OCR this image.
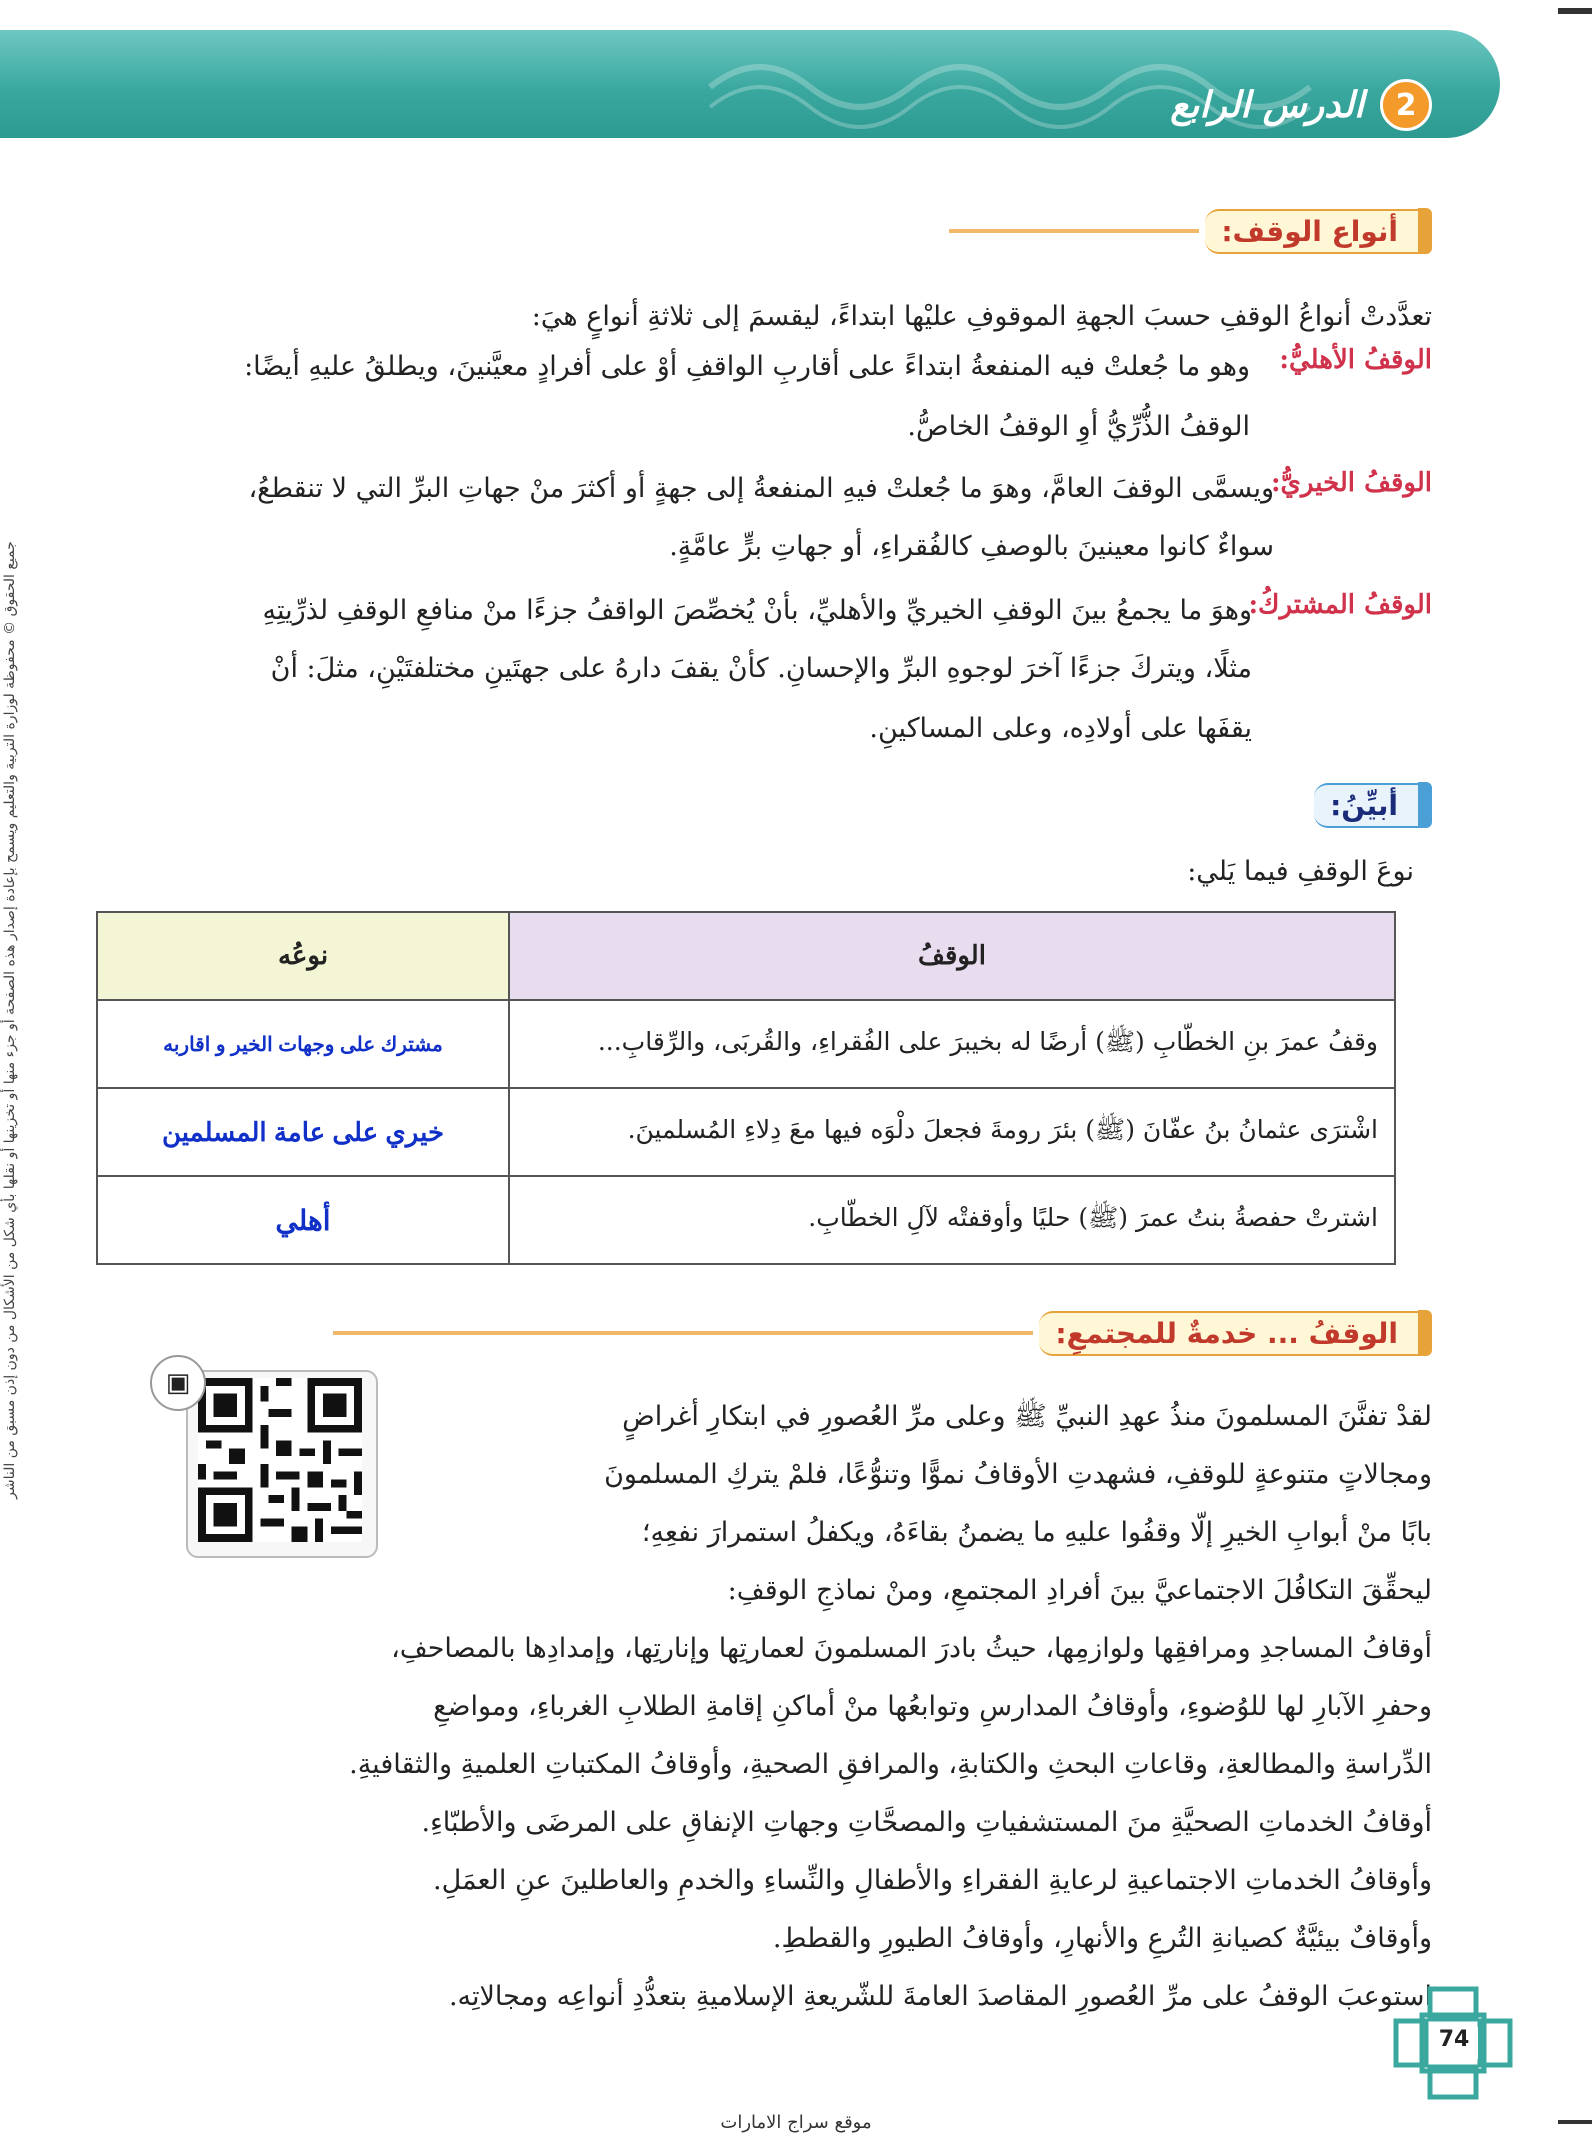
2
الدرس الرابع
أنواع الوقف:
تعدَّدتْ أنواعُ الوقفِ حسبَ الجهةِ الموقوفِ عليْها ابتداءً، ليقسمَ إلى ثلاثةِ أنواعٍ هيَ:
الوقفُ الأهليُّ:
وهو ما جُعلتْ فيه المنفعةُ ابتداءً على أقاربِ الواقفِ أوْ على أفرادٍ معيَّنينَ، ويطلقُ عليهِ أيضًا:
الوقفُ الذُّرِّيُّ أوِ الوقفُ الخاصُّ.
الوقفُ الخيريُّ:
ويسمَّى الوقفَ العامَّ، وهوَ ما جُعلتْ فيهِ المنفعةُ إلى جهةٍ أو أكثرَ منْ جهاتِ البرِّ التي لا تنقطعُ،
سواءٌ كانوا معينينَ بالوصفِ كالفُقراءِ، أو جهاتِ برٍّ عامَّةٍ.
الوقفُ المشتركُ:
وهوَ ما يجمعُ بينَ الوقفِ الخيريِّ والأهليِّ، بأنْ يُخصِّصَ الواقفُ جزءًا منْ منافعِ الوقفِ لذرِّيتِهِ
مثلًا، ويتركَ جزءًا آخرَ لوجوهِ البرِّ والإحسانِ. كأنْ يقفَ دارهُ على جهتَينِ مختلفتَيْنِ، مثلَ: أنْ
يقفَها على أولادِه، وعلى المساكينِ.
أبيِّنُ:
نوعَ الوقفِ فيما يَلي:
الوقفُ	نوعُه
وقفُ عمرَ بنِ الخطّابِ (ﷺ) أرضًا له بخيبرَ على الفُقراءِ، والقُربَى، والرِّقابِ...	مشترك على وجهات الخير و اقاربه
اشْترَى عثمانُ بنُ عفّانَ (ﷺ) بئرَ رومةَ فجعلَ دلْوَه فيها معَ دِلاءِ المُسلمينَ.	خيري على عامة المسلمين
اشترتْ حفصةُ بنتُ عمرَ (ﷺ) حليًا وأوقفتْه لآلِ الخطّابِ.	أهلي
الوقفُ ... خدمةٌ للمجتمعِ:
▣
لقدْ تفنَّنَ المسلمونَ منذُ عهدِ النبيِّ ﷺ وعلى مرِّ العُصورِ في ابتكارِ أغراضٍ
ومجالاتٍ متنوعةٍ للوقفِ، فشهدتِ الأوقافُ نموًّا وتنوُّعًا، فلمْ يتركِ المسلمونَ
بابًا منْ أبوابِ الخيرِ إلّا وقفُوا عليهِ ما يضمنُ بقاءَهُ، ويكفلُ استمرارَ نفعِهِ؛
ليحقِّقَ التكافُلَ الاجتماعيَّ بينَ أفرادِ المجتمعِ، ومنْ نماذجِ الوقفِ:
أوقافُ المساجدِ ومرافقِها ولوازمِها، حيثُ بادرَ المسلمونَ لعمارتِها وإنارتِها، وإمدادِها بالمصاحفِ،
وحفرِ الآبارِ لها للوُضوءِ، وأوقافُ المدارسِ وتوابعُها منْ أماكنِ إقامةِ الطلابِ الغرباءِ، ومواضعِ
الدِّراسةِ والمطالعةِ، وقاعاتِ البحثِ والكتابةِ، والمرافقِ الصحيةِ، وأوقافُ المكتباتِ العلميةِ والثقافيةِ.
أوقافُ الخدماتِ الصحيَّةِ منَ المستشفياتِ والمصحَّاتِ وجهاتِ الإنفاقِ على المرضَى والأطبّاءِ.
وأوقافُ الخدماتِ الاجتماعيةِ لرعايةِ الفقراءِ والأطفالِ والنِّساءِ والخدمِ والعاطلينَ عنِ العمَلِ.
وأوقافٌ بيئيَّةٌ كصيانةِ التُرعِ والأنهارِ، وأوقافُ الطيورِ والقططِ.
استوعبَ الوقفُ على مرِّ العُصورِ المقاصدَ العامةَ للشّريعةِ الإسلاميةِ بتعدُّدِ أنواعِه ومجالاتِه.
74
موقع سراج الامارات
جميع الحقوق © محفوظة لوزارة التربية والتعليم ويسمح بإعادة إصدار هذه الصفحة أو جزء منها أو تخزينها أو نقلها بأي شكل من الأشكال من دون إذن مسبق من الناشر
